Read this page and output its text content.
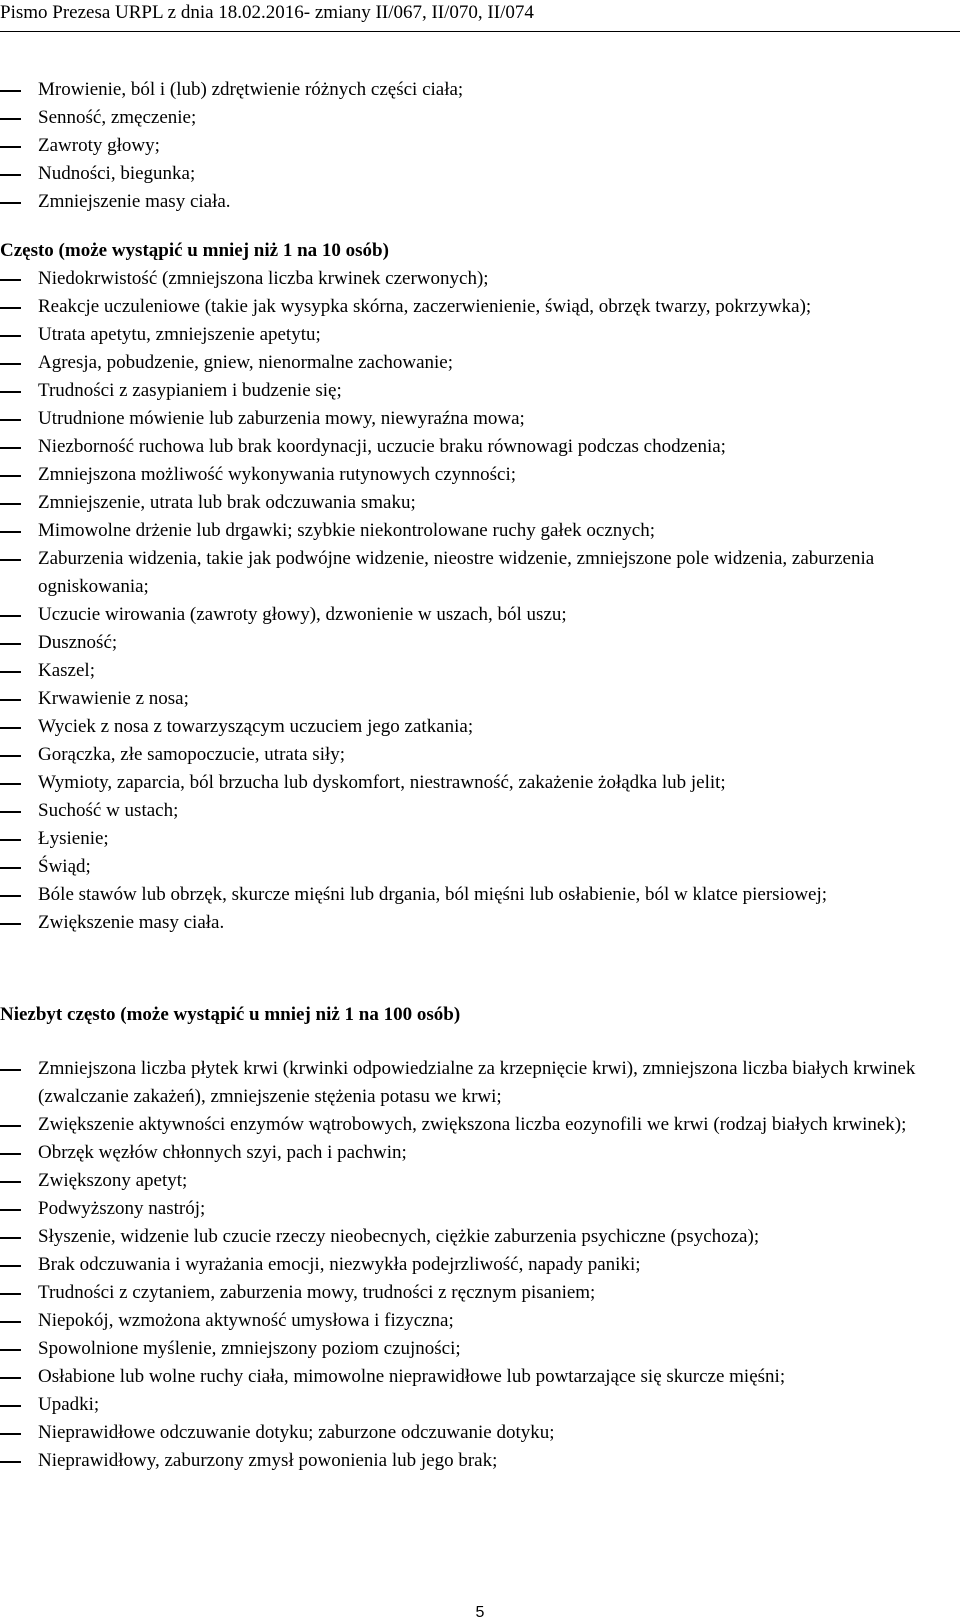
Pismo Prezesa URPL z dnia 18.02.2016- zmiany II/067, II/070, II/074
Mrowienie, ból i (lub) zdrętwienie różnych części ciała;
Senność, zmęczenie;
Zawroty głowy;
Nudności, biegunka;
Zmniejszenie masy ciała.
Często (może wystąpić u mniej niż 1 na 10 osób)
Niedokrwistość (zmniejszona liczba krwinek czerwonych);
Reakcje uczuleniowe (takie jak wysypka skórna, zaczerwienienie, świąd, obrzęk twarzy, pokrzywka);
Utrata apetytu, zmniejszenie apetytu;
Agresja, pobudzenie, gniew, nienormalne zachowanie;
Trudności z zasypianiem i budzenie się;
Utrudnione mówienie lub zaburzenia mowy, niewyraźna mowa;
Niezborność ruchowa lub brak koordynacji, uczucie braku równowagi podczas chodzenia;
Zmniejszona możliwość wykonywania rutynowych czynności;
Zmniejszenie, utrata lub brak odczuwania smaku;
Mimowolne drżenie lub drgawki; szybkie niekontrolowane ruchy gałek ocznych;
Zaburzenia widzenia, takie jak podwójne widzenie, nieostre widzenie, zmniejszone pole widzenia, zaburzenia ogniskowania;
Uczucie wirowania (zawroty głowy), dzwonienie w uszach, ból uszu;
Duszność;
Kaszel;
Krwawienie z nosa;
Wyciek z nosa z towarzyszącym uczuciem jego zatkania;
Gorączka, złe samopoczucie, utrata siły;
Wymioty, zaparcia, ból brzucha lub dyskomfort, niestrawność, zakażenie żołądka lub jelit;
Suchość w ustach;
Łysienie;
Świąd;
Bóle stawów lub obrzęk, skurcze mięśni lub drgania, ból mięśni lub osłabienie, ból w klatce piersiowej;
Zwiększenie masy ciała.
Niezbyt często (może wystąpić u mniej niż 1 na 100 osób)
Zmniejszona liczba płytek krwi (krwinki odpowiedzialne za krzepnięcie krwi), zmniejszona liczba białych krwinek (zwalczanie zakażeń), zmniejszenie stężenia potasu we krwi;
Zwiększenie aktywności enzymów wątrobowych, zwiększona liczba eozynofili we krwi (rodzaj białych krwinek);
Obrzęk węzłów chłonnych szyi, pach i pachwin;
Zwiększony apetyt;
Podwyższony nastrój;
Słyszenie, widzenie lub czucie rzeczy nieobecnych, ciężkie zaburzenia psychiczne (psychoza);
Brak odczuwania i wyrażania emocji, niezwykła podejrzliwość, napady paniki;
Trudności z czytaniem, zaburzenia mowy, trudności z ręcznym pisaniem;
Niepokój, wzmożona aktywność umysłowa i fizyczna;
Spowolnione myślenie, zmniejszony poziom czujności;
Osłabione lub wolne ruchy ciała, mimowolne nieprawidłowe lub powtarzające się skurcze mięśni;
Upadki;
Nieprawidłowe odczuwanie dotyku; zaburzone odczuwanie dotyku;
Nieprawidłowy, zaburzony zmysł powonienia lub jego brak;
5
